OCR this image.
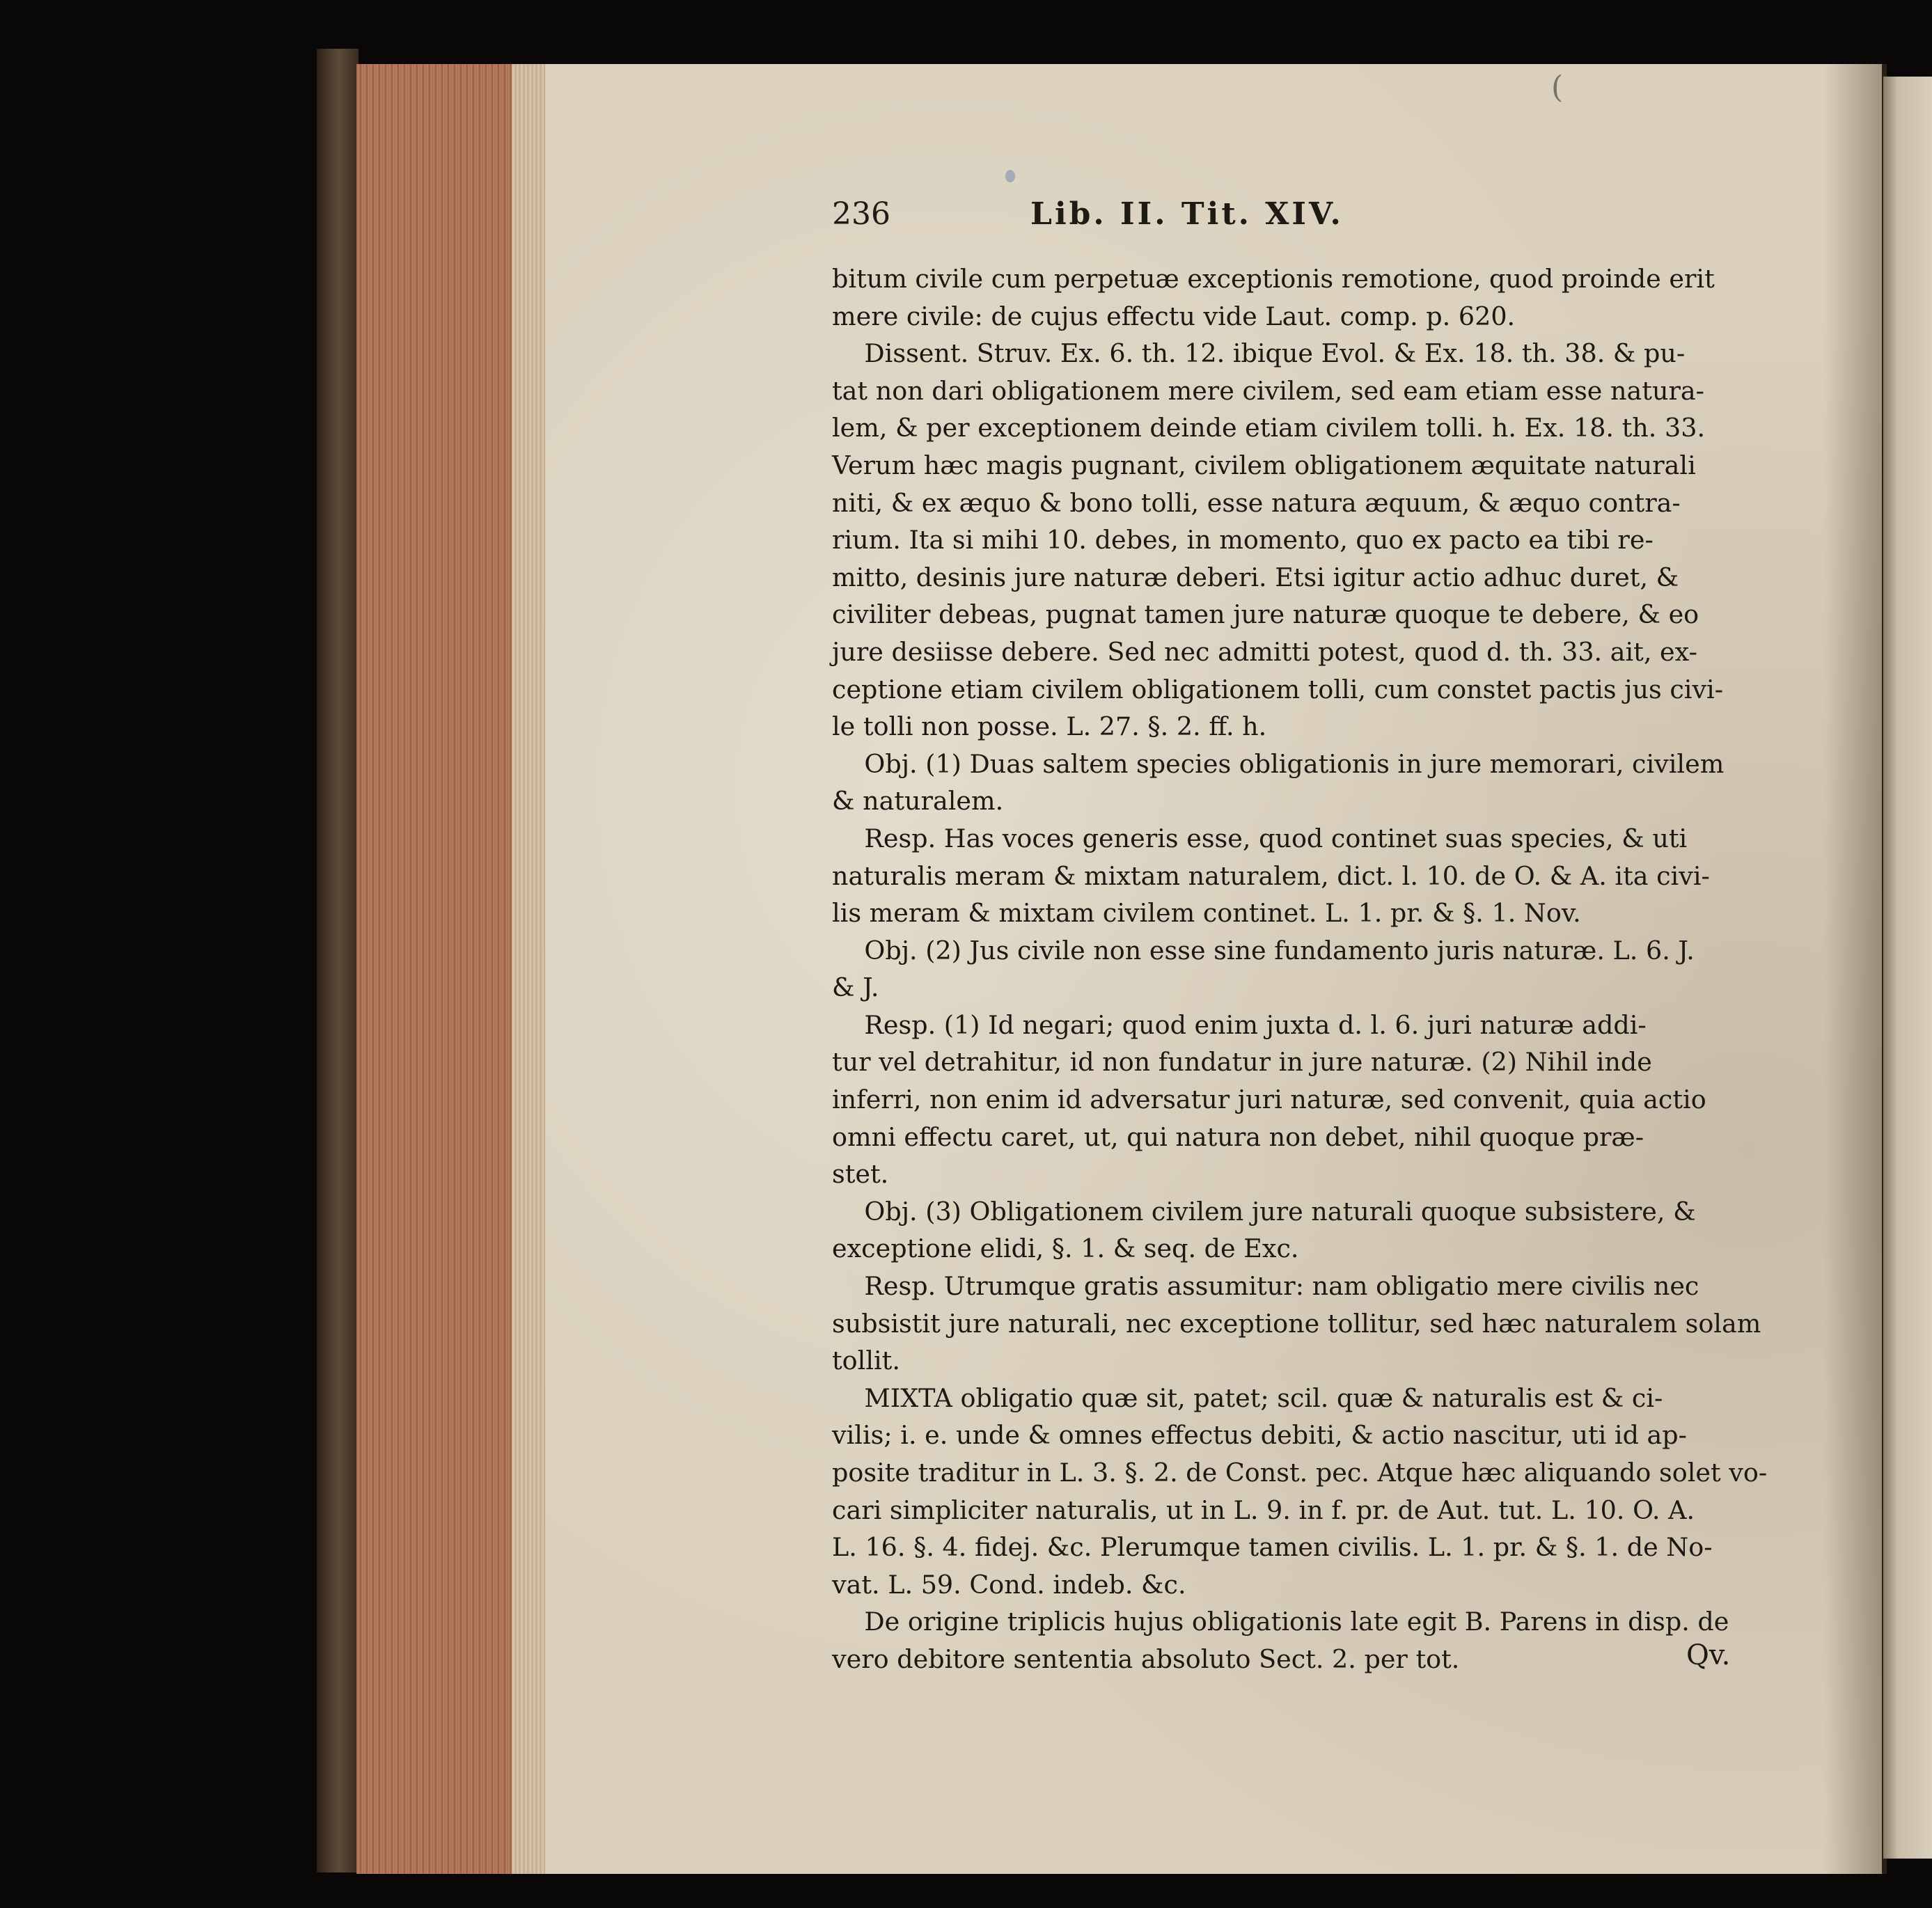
(
236	Lib. II. Tit. XIV.
bitum civile cum perpetuæ exceptionis remotione, quod proinde erit
mere civile: de cujus effectu vide Laut. comp. p. 620.
Dissent. Struv. Ex. 6. th. 12. ibique Evol. & Ex. 18. th. 38. & pu-
tat non dari obligationem mere civilem, sed eam etiam esse natura-
lem, & per exceptionem deinde etiam civilem tolli. h. Ex. 18. th. 33.
Verum hæc magis pugnant, civilem obligationem æquitate naturali
niti, & ex æquo & bono tolli, esse natura æquum, & æquo contra-
rium. Ita si mihi 10. debes, in momento, quo ex pacto ea tibi re-
mitto, desinis jure naturæ deberi. Etsi igitur actio adhuc duret, &
civiliter debeas, pugnat tamen jure naturæ quoque te debere, & eo
jure desiisse debere. Sed nec admitti potest, quod d. th. 33. ait, ex-
ceptione etiam civilem obligationem tolli, cum constet pactis jus civi-
le tolli non posse. L. 27. §. 2. ff. h.
Obj. (1) Duas saltem species obligationis in jure memorari, civilem
& naturalem.
Resp. Has voces generis esse, quod continet suas species, & uti
naturalis meram & mixtam naturalem, dict. l. 10. de O. & A. ita civi-
lis meram & mixtam civilem continet. L. 1. pr. & §. 1. Nov.
Obj. (2) Jus civile non esse sine fundamento juris naturæ. L. 6. J.
& J.
Resp. (1) Id negari; quod enim juxta d. l. 6. juri naturæ addi-
tur vel detrahitur, id non fundatur in jure naturæ. (2) Nihil inde
inferri, non enim id adversatur juri naturæ, sed convenit, quia actio
omni effectu caret, ut, qui natura non debet, nihil quoque præ-
stet.
Obj. (3) Obligationem civilem jure naturali quoque subsistere, &
exceptione elidi, §. 1. & seq. de Exc.
Resp. Utrumque gratis assumitur: nam obligatio mere civilis nec
subsistit jure naturali, nec exceptione tollitur, sed hæc naturalem solam
tollit.
MIXTA obligatio quæ sit, patet; scil. quæ & naturalis est & ci-
vilis; i. e. unde & omnes effectus debiti, & actio nascitur, uti id ap-
posite traditur in L. 3. §. 2. de Const. pec. Atque hæc aliquando solet vo-
cari simpliciter naturalis, ut in L. 9. in f. pr. de Aut. tut. L. 10. O. A.
L. 16. §. 4. fidej. &c. Plerumque tamen civilis. L. 1. pr. & §. 1. de No-
vat. L. 59. Cond. indeb. &c.
De origine triplicis hujus obligationis late egit B. Parens in disp. de
vero debitore sententia absoluto Sect. 2. per tot.	Qv.
